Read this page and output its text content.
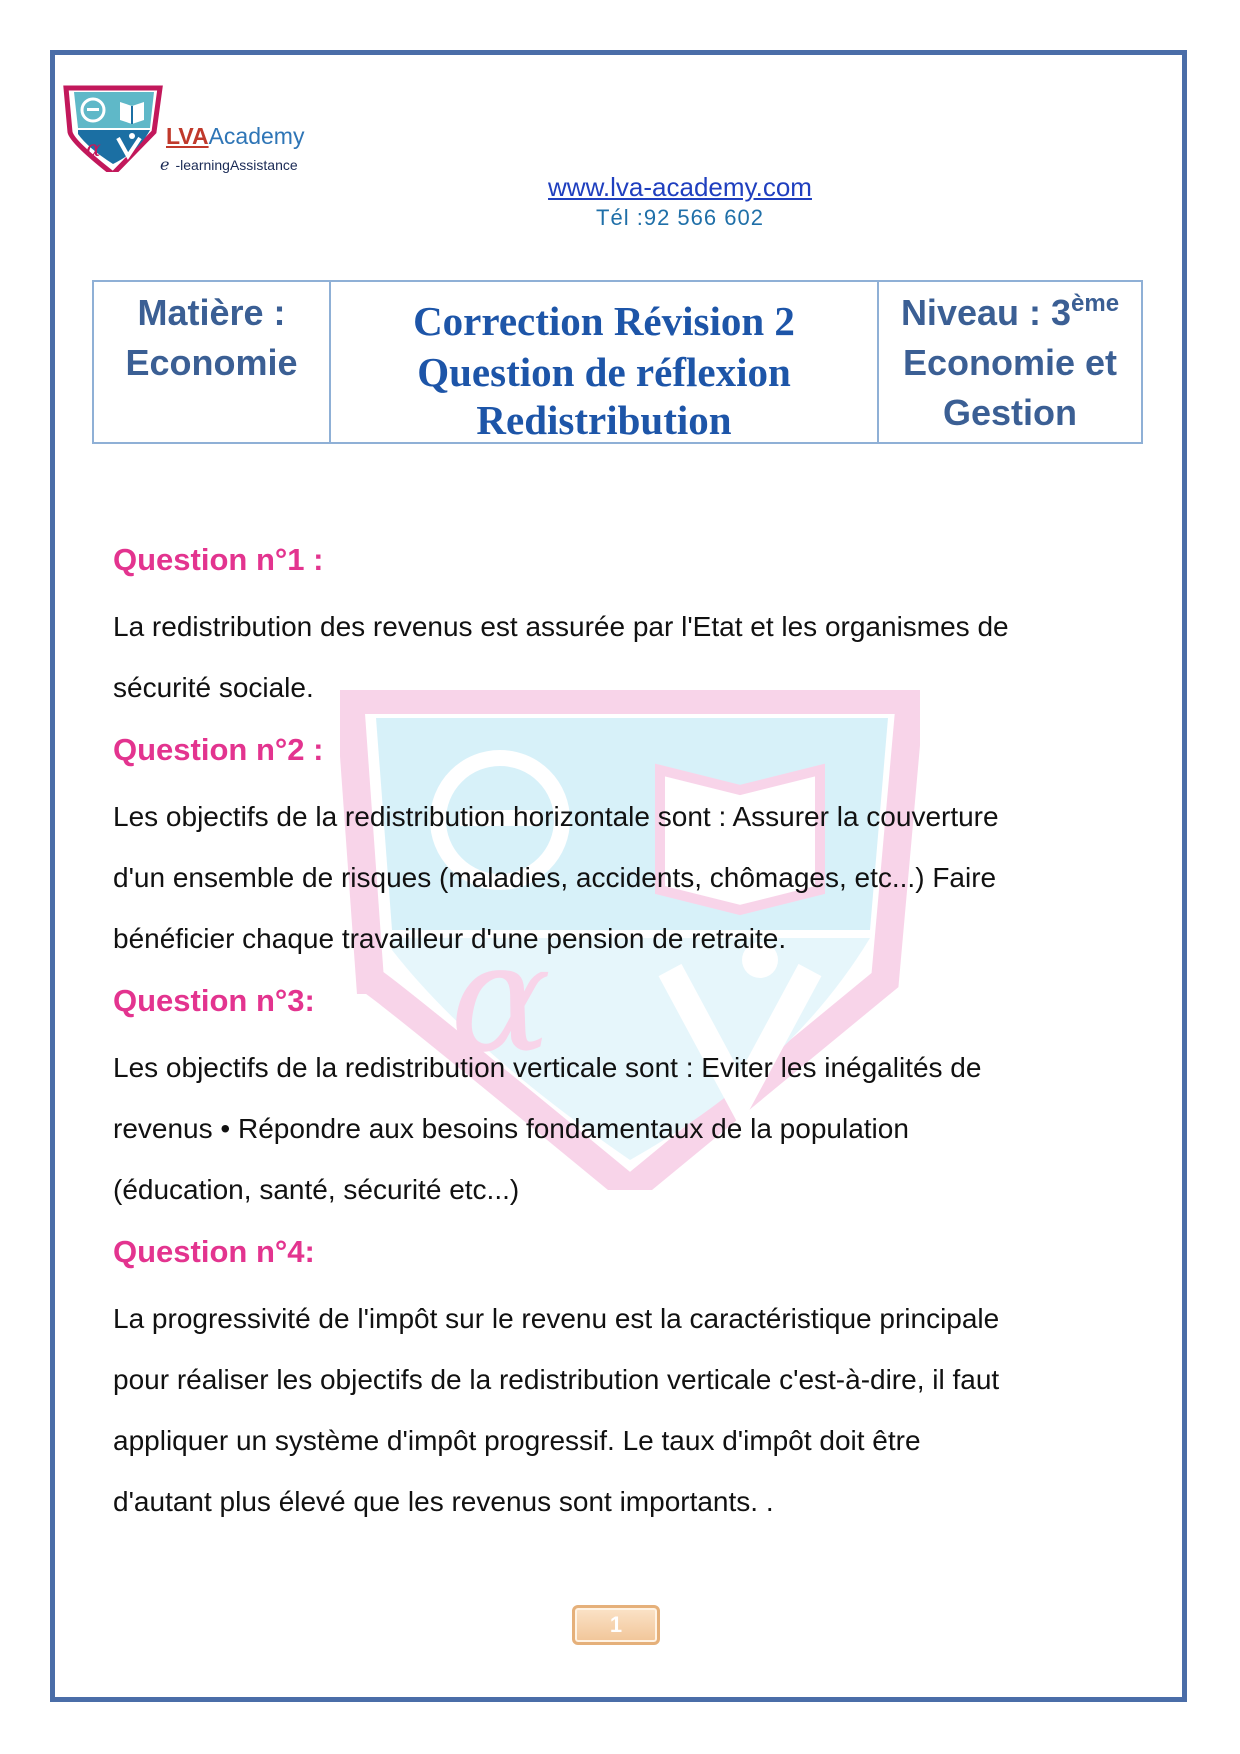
α
LVAAcademy
e -learningAssistance
www.lva-academy.com
Tél :92 566 602
Matière :
Economie
Correction Révision 2
Question de réflexion
Redistribution
Niveau : 3ème
Economie et
Gestion
α
Question n°1 :
La redistribution des revenus est assurée par l'Etat et les organismes de
sécurité sociale.
Question n°2 :
Les objectifs de la redistribution horizontale sont : Assurer la couverture
d'un ensemble de risques (maladies, accidents, chômages, etc...) Faire
bénéficier chaque travailleur d'une pension de retraite.
Question n°3:
Les objectifs de la redistribution verticale sont : Eviter les inégalités de
revenus • Répondre aux besoins fondamentaux de la population
(éducation, santé, sécurité etc...)
Question n°4:
La progressivité de l'impôt sur le revenu est la caractéristique principale
pour réaliser les objectifs de la redistribution verticale c'est-à-dire, il faut
appliquer un système d'impôt progressif. Le taux d'impôt doit être
d'autant plus élevé que les revenus sont importants. .
1
